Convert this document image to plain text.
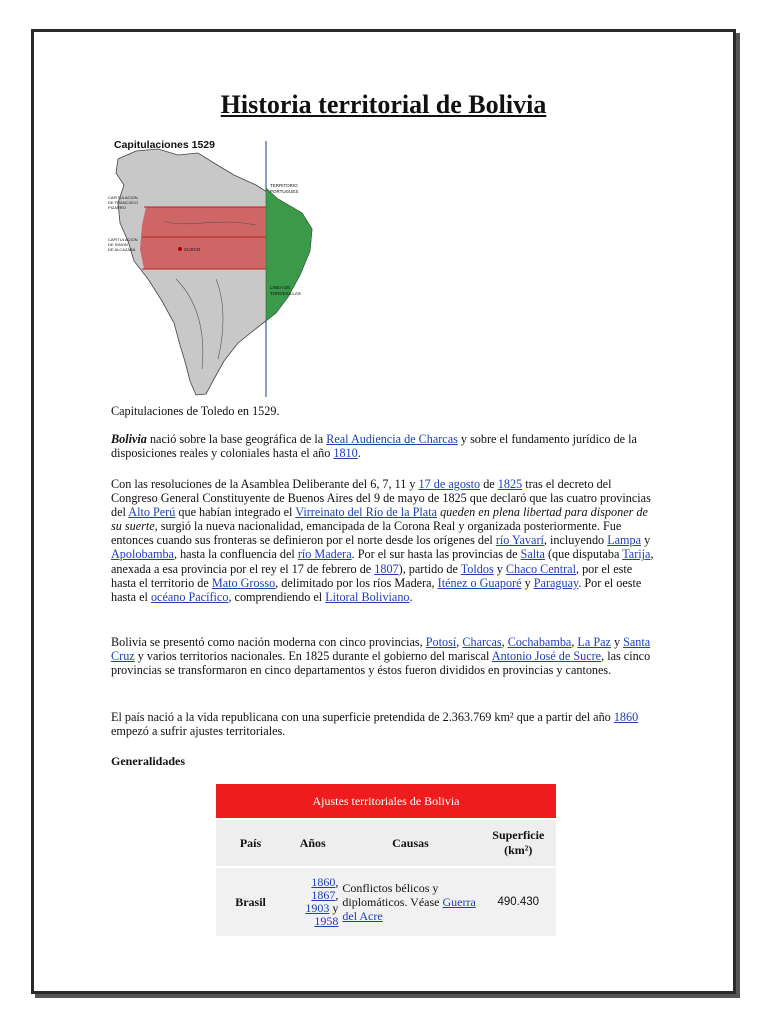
Historia territorial de Bolivia
Capitulaciones 1529
CUSCO
TERRITORIO PORTUGUES
CAPITULACION DE FRANCISCO PIZARRO
CAPITULACION DE SIMON DE ALCAZABA
LINEA DE TORDESILLAS
Capitulaciones de Toledo en 1529.

Bolivia nació sobre la base geográfica de la Real Audiencia de Charcas y sobre el fundamento jurídico de la disposiciones reales y coloniales hasta el año 1810.

Con las resoluciones de la Asamblea Deliberante del 6, 7, 11 y 17 de agosto de 1825 tras el decreto del Congreso General Constituyente de Buenos Aires del 9 de mayo de 1825 que declaró que las cuatro provincias del Alto Perú que habían integrado el Virreinato del Río de la Plata queden en plena libertad para disponer de su suerte, surgió la nueva nacionalidad, emancipada de la Corona Real y organizada posteriormente. Fue entonces cuando sus fronteras se definieron por el norte desde los orígenes del río Yavarí, incluyendo Lampa y Apolobamba, hasta la confluencia del río Madera. Por el sur hasta las provincias de Salta (que disputaba Tarija, anexada a esa provincia por el rey el 17 de febrero de 1807), partido de Toldos y Chaco Central, por el este hasta el territorio de Mato Grosso, delimitado por los ríos Madera, Iténez o Guaporé y Paraguay. Por el oeste hasta el océano Pacífico, comprendiendo el Litoral Boliviano.

Bolivia se presentó como nación moderna con cinco provincias, Potosí, Charcas, Cochabamba, La Paz y Santa Cruz y varios territorios nacionales. En 1825 durante el gobierno del mariscal Antonio José de Sucre, las cinco provincias se transformaron en cinco departamentos y éstos fueron divididos en provincias y cantones.

El país nació a la vida republicana con una superficie pretendida de 2.363.769 km² que a partir del año 1860 empezó a sufrir ajustes territoriales.

Generalidades
Ajustes territoriales de Bolivia			
País	Años	Causas	Superficie (km²)
Brasil	1860,
1867,
1903 y
1958	Conflictos bélicos y diplomáticos. Véase Guerra del Acre	490.430
